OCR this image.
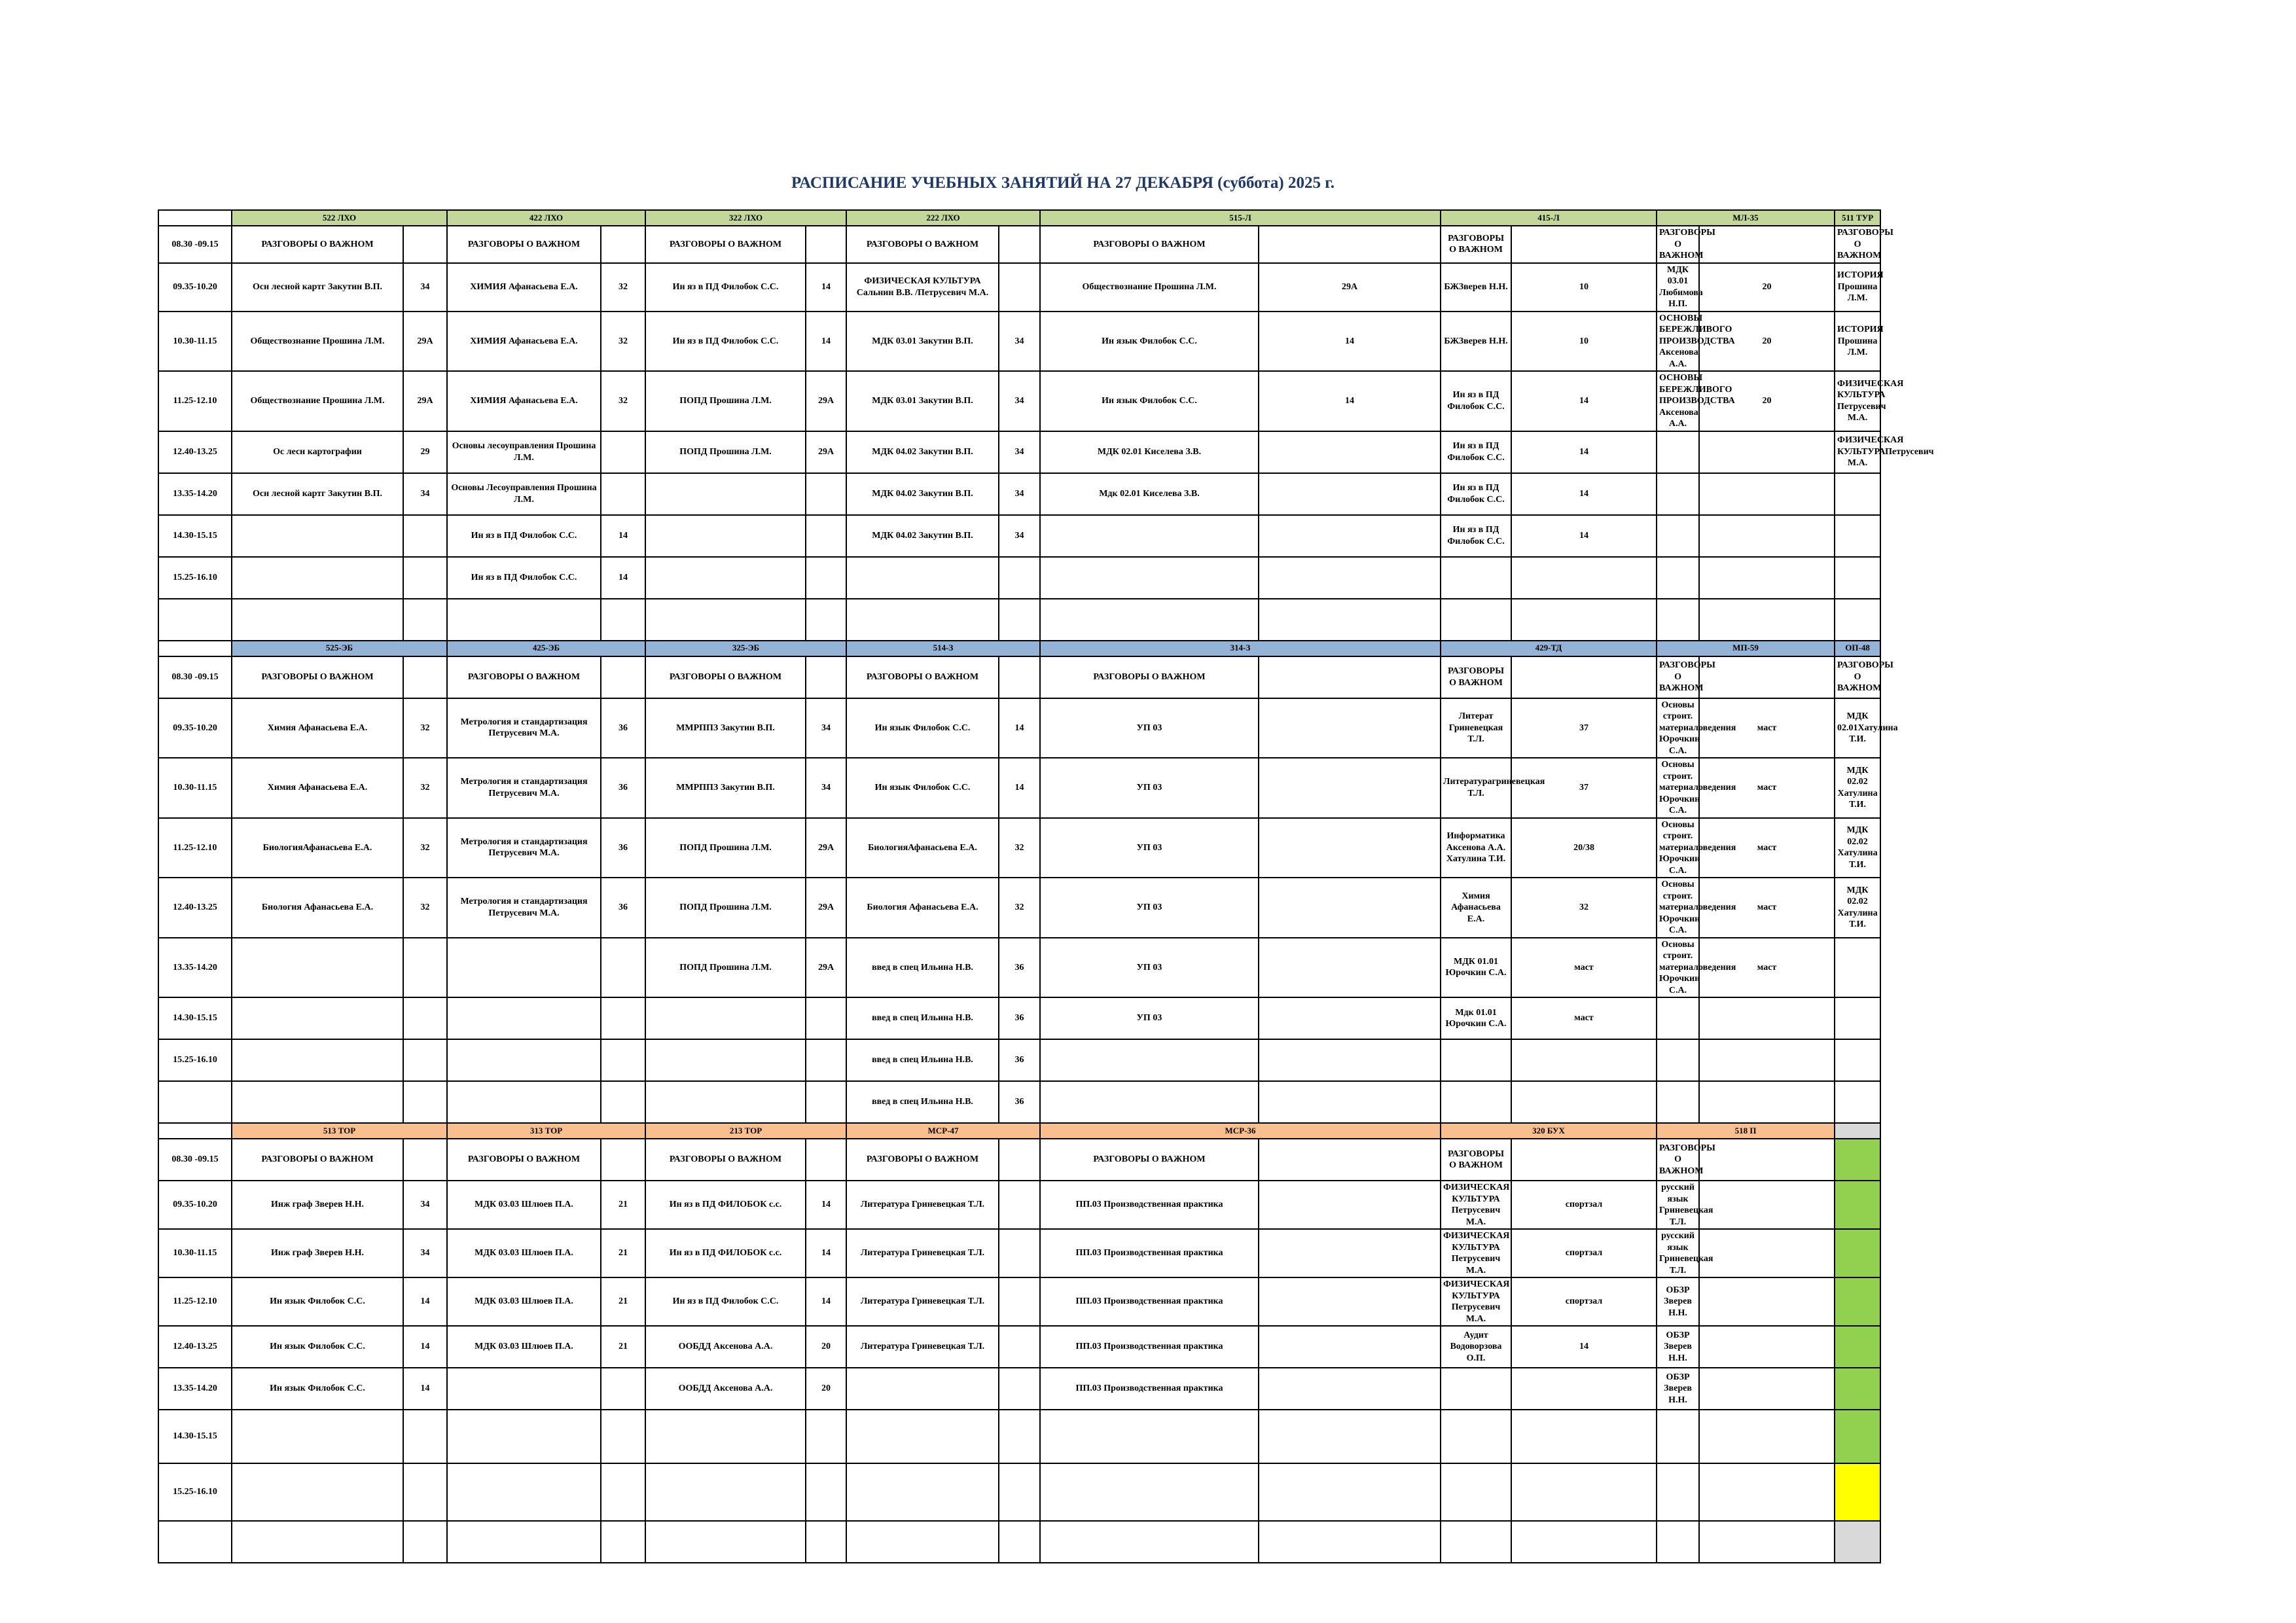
РАСПИСАНИЕ УЧЕБНЫХ ЗАНЯТИЙ НА 27 ДЕКАБРЯ (суббота) 2025 г.
	522 ЛХО		422 ЛХО		322 ЛХО		222 ЛХО		515-Л		415-Л		МЛ-35		511 ТУР	
08.30 -09.15	РАЗГОВОРЫ О ВАЖНОМ		РАЗГОВОРЫ О ВАЖНОМ		РАЗГОВОРЫ О ВАЖНОМ		РАЗГОВОРЫ О ВАЖНОМ		РАЗГОВОРЫ О ВАЖНОМ		РАЗГОВОРЫ О ВАЖНОМ		РАЗГОВОРЫ О ВАЖНОМ		РАЗГОВОРЫ О ВАЖНОМ	
09.35-10.20	Осн лесной картг Закутин В.П.	34	ХИМИЯ Афанасьева Е.А.	32	Ин яз в ПД Филобок С.С.	14	ФИЗИЧЕСКАЯ КУЛЬТУРА Сальнин В.В. /Петрусевич М.А.		Обществознание Прошина Л.М.	29А	БЖЗверев Н.Н.	10	МДК 03.01 Любимова Н.П.	20	ИСТОРИЯ Прошина Л.М.	
10.30-11.15	Обществознание Прошина Л.М.	29А	ХИМИЯ Афанасьева Е.А.	32	Ин яз в ПД Филобок С.С.	14	МДК 03.01 Закутин В.П.	34	Ин язык Филобок С.С.	14	БЖЗверев Н.Н.	10	ОСНОВЫ БЕРЕЖЛИВОГО ПРОИЗВОДСТВА Аксенова А.А.	20	ИСТОРИЯ Прошина Л.М.	
11.25-12.10	Обществознание Прошина Л.М.	29А	ХИМИЯ Афанасьева Е.А.	32	ПОПД Прошина Л.М.	29А	МДК 03.01 Закутин В.П.	34	Ин язык Филобок С.С.	14	Ин яз в ПД Филобок С.С.	14	ОСНОВЫ БЕРЕЖЛИВОГО ПРОИЗВОДСТВА Аксенова А.А.	20	ФИЗИЧЕСКАЯ КУЛЬТУРА Петрусевич М.А.	
12.40-13.25	Ос лесн картографии	29	Основы лесоуправления Прошина Л.М.		ПОПД Прошина Л.М.	29А	МДК 04.02 Закутин В.П.	34	МДК 02.01 Киселева З.В.		Ин яз в ПД Филобок С.С.	14			ФИЗИЧЕСКАЯ КУЛЬТУРАПетрусевич М.А.	
13.35-14.20	Осн лесной картг Закутин В.П.	34	Основы Лесоуправления Прошина Л.М.				МДК 04.02 Закутин В.П.	34	Мдк 02.01 Киселева З.В.		Ин яз в ПД Филобок С.С.	14				
14.30-15.15			Ин яз в ПД Филобок С.С.	14			МДК 04.02 Закутин В.П.	34			Ин яз в ПД Филобок С.С.	14				
15.25-16.10			Ин яз в ПД Филобок С.С.	14												

	525-ЭБ		425-ЭБ		325-ЭБ		514-З		314-З		429-ТД		МП-59		ОП-48	
08.30 -09.15	РАЗГОВОРЫ О ВАЖНОМ		РАЗГОВОРЫ О ВАЖНОМ		РАЗГОВОРЫ О ВАЖНОМ		РАЗГОВОРЫ О ВАЖНОМ		РАЗГОВОРЫ О ВАЖНОМ		РАЗГОВОРЫ О ВАЖНОМ		РАЗГОВОРЫ О ВАЖНОМ		РАЗГОВОРЫ О ВАЖНОМ	
09.35-10.20	Химия Афанасьева Е.А.	32	Метрология и стандартизация Петрусевич М.А.	36	ММРППЗ Закутин В.П.	34	Ин язык Филобок С.С.	14	УП 03		Литерат Гриневецкая Т.Л.	37	Основы строит. материаловедения Юрочкин С.А.	маст	МДК 02.01Хатулина Т.И.	
10.30-11.15	Химия Афанасьева Е.А.	32	Метрология и стандартизация Петрусевич М.А.	36	ММРППЗ Закутин В.П.	34	Ин язык Филобок С.С.	14	УП 03		Литературагриневецкая Т.Л.	37	Основы строит. материаловедения Юрочкин С.А.	маст	МДК 02.02 Хатулина Т.И.	
11.25-12.10	БиологияАфанасьева Е.А.	32	Метрология и стандартизация Петрусевич М.А.	36	ПОПД Прошина Л.М.	29А	БиологияАфанасьева Е.А.	32	УП 03		Информатика Аксенова А.А. Хатулина Т.И.	20/38	Основы строит. материаловедения Юрочкин С.А.	маст	МДК 02.02 Хатулина Т.И.	
12.40-13.25	Биология Афанасьева Е.А.	32	Метрология и стандартизация Петрусевич М.А.	36	ПОПД Прошина Л.М.	29А	Биология Афанасьева Е.А.	32	УП 03		Химия Афанасьева Е.А.	32	Основы строит. материаловедения Юрочкин С.А.	маст	МДК 02.02 Хатулина Т.И.	
13.35-14.20					ПОПД Прошина Л.М.	29А	введ в спец Ильина Н.В.	36	УП 03		МДК 01.01 Юрочкин С.А.	маст	Основы строит. материаловедения Юрочкин С.А.	маст		
14.30-15.15							введ в спец Ильина Н.В.	36	УП 03		Мдк 01.01 Юрочкин С.А.	маст				
15.25-16.10							введ в спец Ильина Н.В.	36								
							введ в спец Ильина Н.В.	36								
	513 ТОР		313 ТОР		213 ТОР		МСР-47		МСР-36		320 БУХ		518 П			
08.30 -09.15	РАЗГОВОРЫ О ВАЖНОМ		РАЗГОВОРЫ О ВАЖНОМ		РАЗГОВОРЫ О ВАЖНОМ		РАЗГОВОРЫ О ВАЖНОМ		РАЗГОВОРЫ О ВАЖНОМ		РАЗГОВОРЫ О ВАЖНОМ		РАЗГОВОРЫ О ВАЖНОМ			
09.35-10.20	Инж граф Зверев Н.Н.	34	МДК 03.03 Шлюев П.А.	21	Ин яз в ПД ФИЛОБОК с.с.	14	Литература Гриневецкая Т.Л.		ПП.03 Производственная практика		ФИЗИЧЕСКАЯ КУЛЬТУРА Петрусевич М.А.	спортзал	русский язык Гриневецкая Т.Л.			
10.30-11.15	Инж граф Зверев Н.Н.	34	МДК 03.03 Шлюев П.А.	21	Ин яз в ПД ФИЛОБОК с.с.	14	Литература Гриневецкая Т.Л.		ПП.03 Производственная практика		ФИЗИЧЕСКАЯ КУЛЬТУРА Петрусевич М.А.	спортзал	русский язык Гриневецкая Т.Л.			
11.25-12.10	Ин язык Филобок С.С.	14	МДК 03.03 Шлюев П.А.	21	Ин яз в ПД Филобок С.С.	14	Литература Гриневецкая Т.Л.		ПП.03 Производственная практика		ФИЗИЧЕСКАЯ КУЛЬТУРА Петрусевич М.А.	спортзал	ОБЗР Зверев Н.Н.			
12.40-13.25	Ин язык Филобок С.С.	14	МДК 03.03 Шлюев П.А.	21	ООБДД Аксенова А.А.	20	Литература Гриневецкая Т.Л.		ПП.03 Производственная практика		Аудит Водоворзова О.П.	14	ОБЗР Зверев Н.Н.			
13.35-14.20	Ин язык Филобок С.С.	14			ООБДД Аксенова А.А.	20			ПП.03 Производственная практика				ОБЗР Зверев Н.Н.			
14.30-15.15																
15.25-16.10																
